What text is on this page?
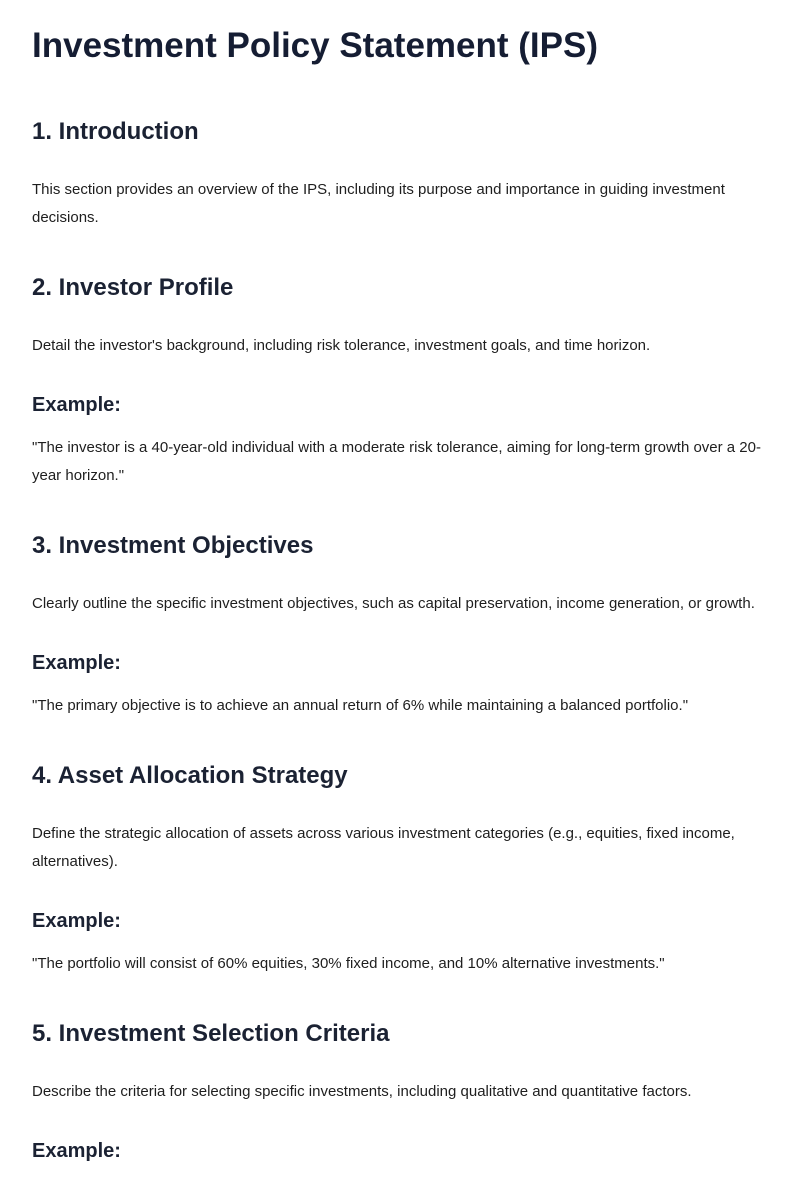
Investment Policy Statement (IPS)
1. Introduction

This section provides an overview of the IPS, including its purpose and importance in guiding investment decisions.

2. Investor Profile

Detail the investor's background, including risk tolerance, investment goals, and time horizon.

Example:

"The investor is a 40-year-old individual with a moderate risk tolerance, aiming for long-term growth over a 20-year horizon."

3. Investment Objectives

Clearly outline the specific investment objectives, such as capital preservation, income generation, or growth.

Example:

"The primary objective is to achieve an annual return of 6% while maintaining a balanced portfolio."

4. Asset Allocation Strategy

Define the strategic allocation of assets across various investment categories (e.g., equities, fixed income, alternatives).

Example:

"The portfolio will consist of 60% equities, 30% fixed income, and 10% alternative investments."

5. Investment Selection Criteria

Describe the criteria for selecting specific investments, including qualitative and quantitative factors.

Example:
